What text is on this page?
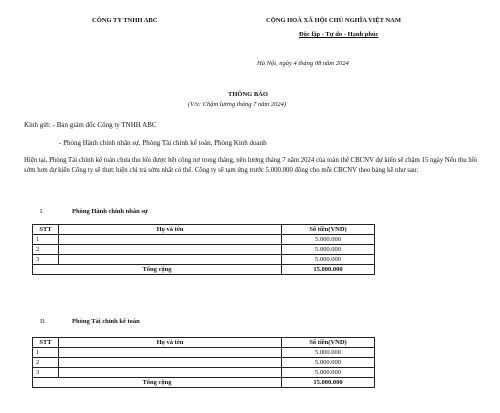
CÔNG TY TNHH ABC	CỘNG HOÀ XÃ HỘI CHỦ NGHĨA VIỆT NAM
Độc lập - Tự do - Hạnh phúc
Hà Nội, ngày 4 tháng 08 năm 2024
THÔNG BÁO
(V/v: Chậm lương tháng 7 năm 2024)
Kính gửi: - Ban giám đốc Công ty TNHH ABC
- Phòng Hành chính nhân sự, Phòng Tài chính kế toán, Phòng Kinh doanh
Hiện tại, Phòng Tài chính kế toán chưa thu hồi được hết công nợ trong tháng, nên lương tháng 7 năm 2024 của toàn thể CBCNV dự kiến sẽ chậm 15 ngày Nếu thu hồi sớm hơn dự kiến Công ty sẽ thực hiện chi trả sớm nhất có thể. Công ty sẽ tạm ứng trước 5.000.000 đồng cho mỗi CBCNV theo bảng kê như sau:
I.	Phòng Hành chính nhân sự
STT	Họ và tên	Số tiền(VND)
1		5.000.000
2		5.000.000
3		5.000.000
Tổng cộng		15.000.000
II.	Phòng Tài chính kế toán
STT	Họ và tên	Số tiền(VND)
1		5.000.000
2		5.000.000
3		5.000.000
Tổng cộng		15.000.000
